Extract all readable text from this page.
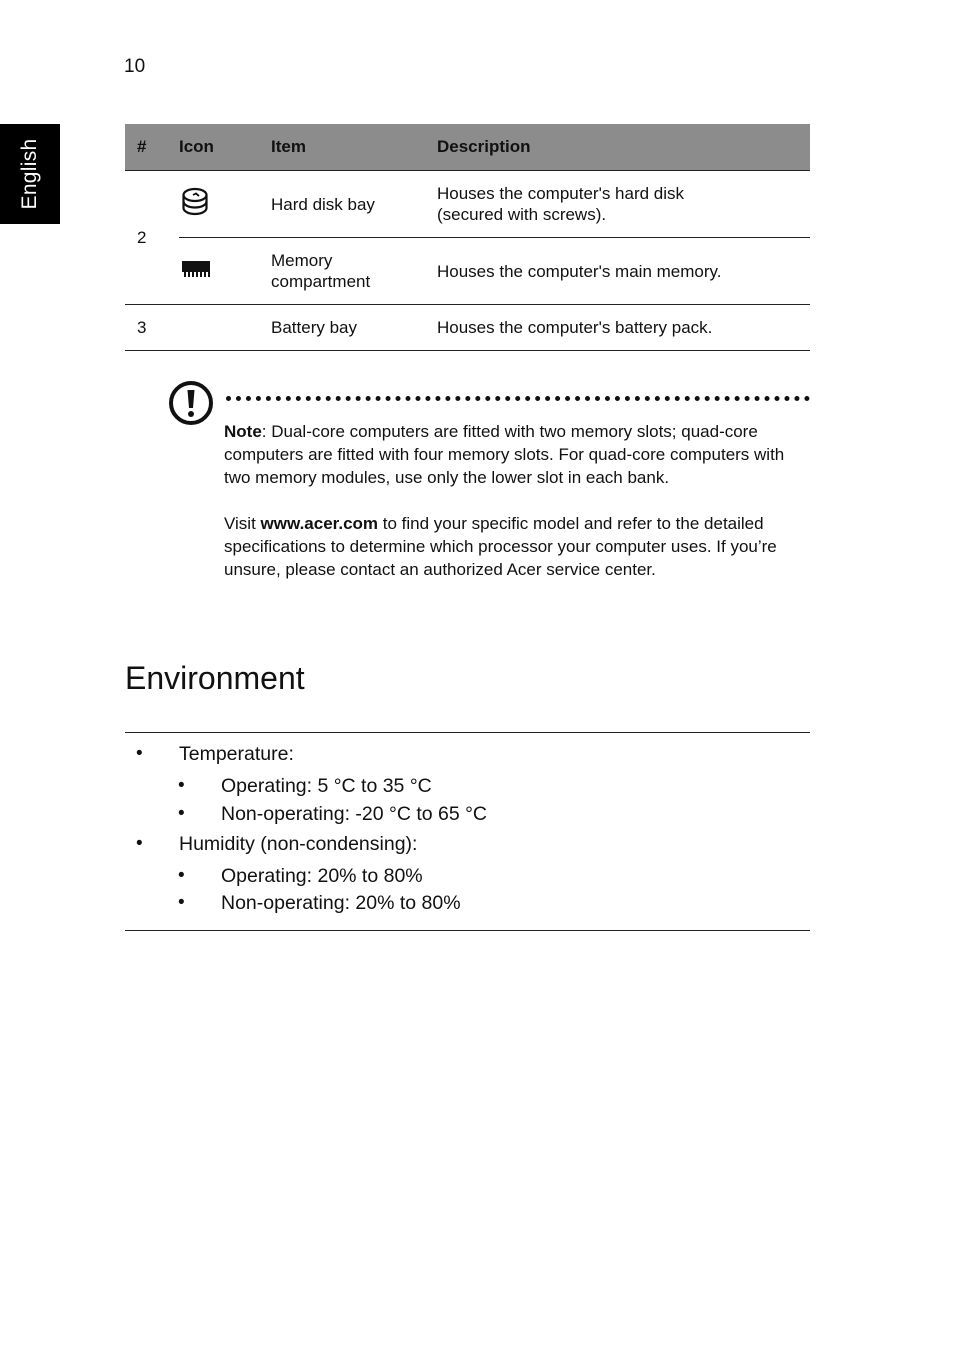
10
English	#	Icon	Item	Description
2		Hard disk bay	Houses the computer's hard disk
(secured with screws).

Memory
compartment	Houses the computer's main memory.
3		Battery bay	Houses the computer's battery pack.

Note: Dual-core computers are fitted with two memory slots; quad-core computers are fitted with four memory slots. For quad-core computers with two memory modules, use only the lower slot in each bank.

Visit www.acer.com to find your specific model and refer to the detailed specifications to determine which processor your computer uses. If you’re unsure, please contact an authorized Acer service center.

Environment
• Temperature:
• Operating: 5 °C to 35 °C
• Non-operating: -20 °C to 65 °C
• Humidity (non-condensing):
• Operating: 20% to 80%
• Non-operating: 20% to 80%
